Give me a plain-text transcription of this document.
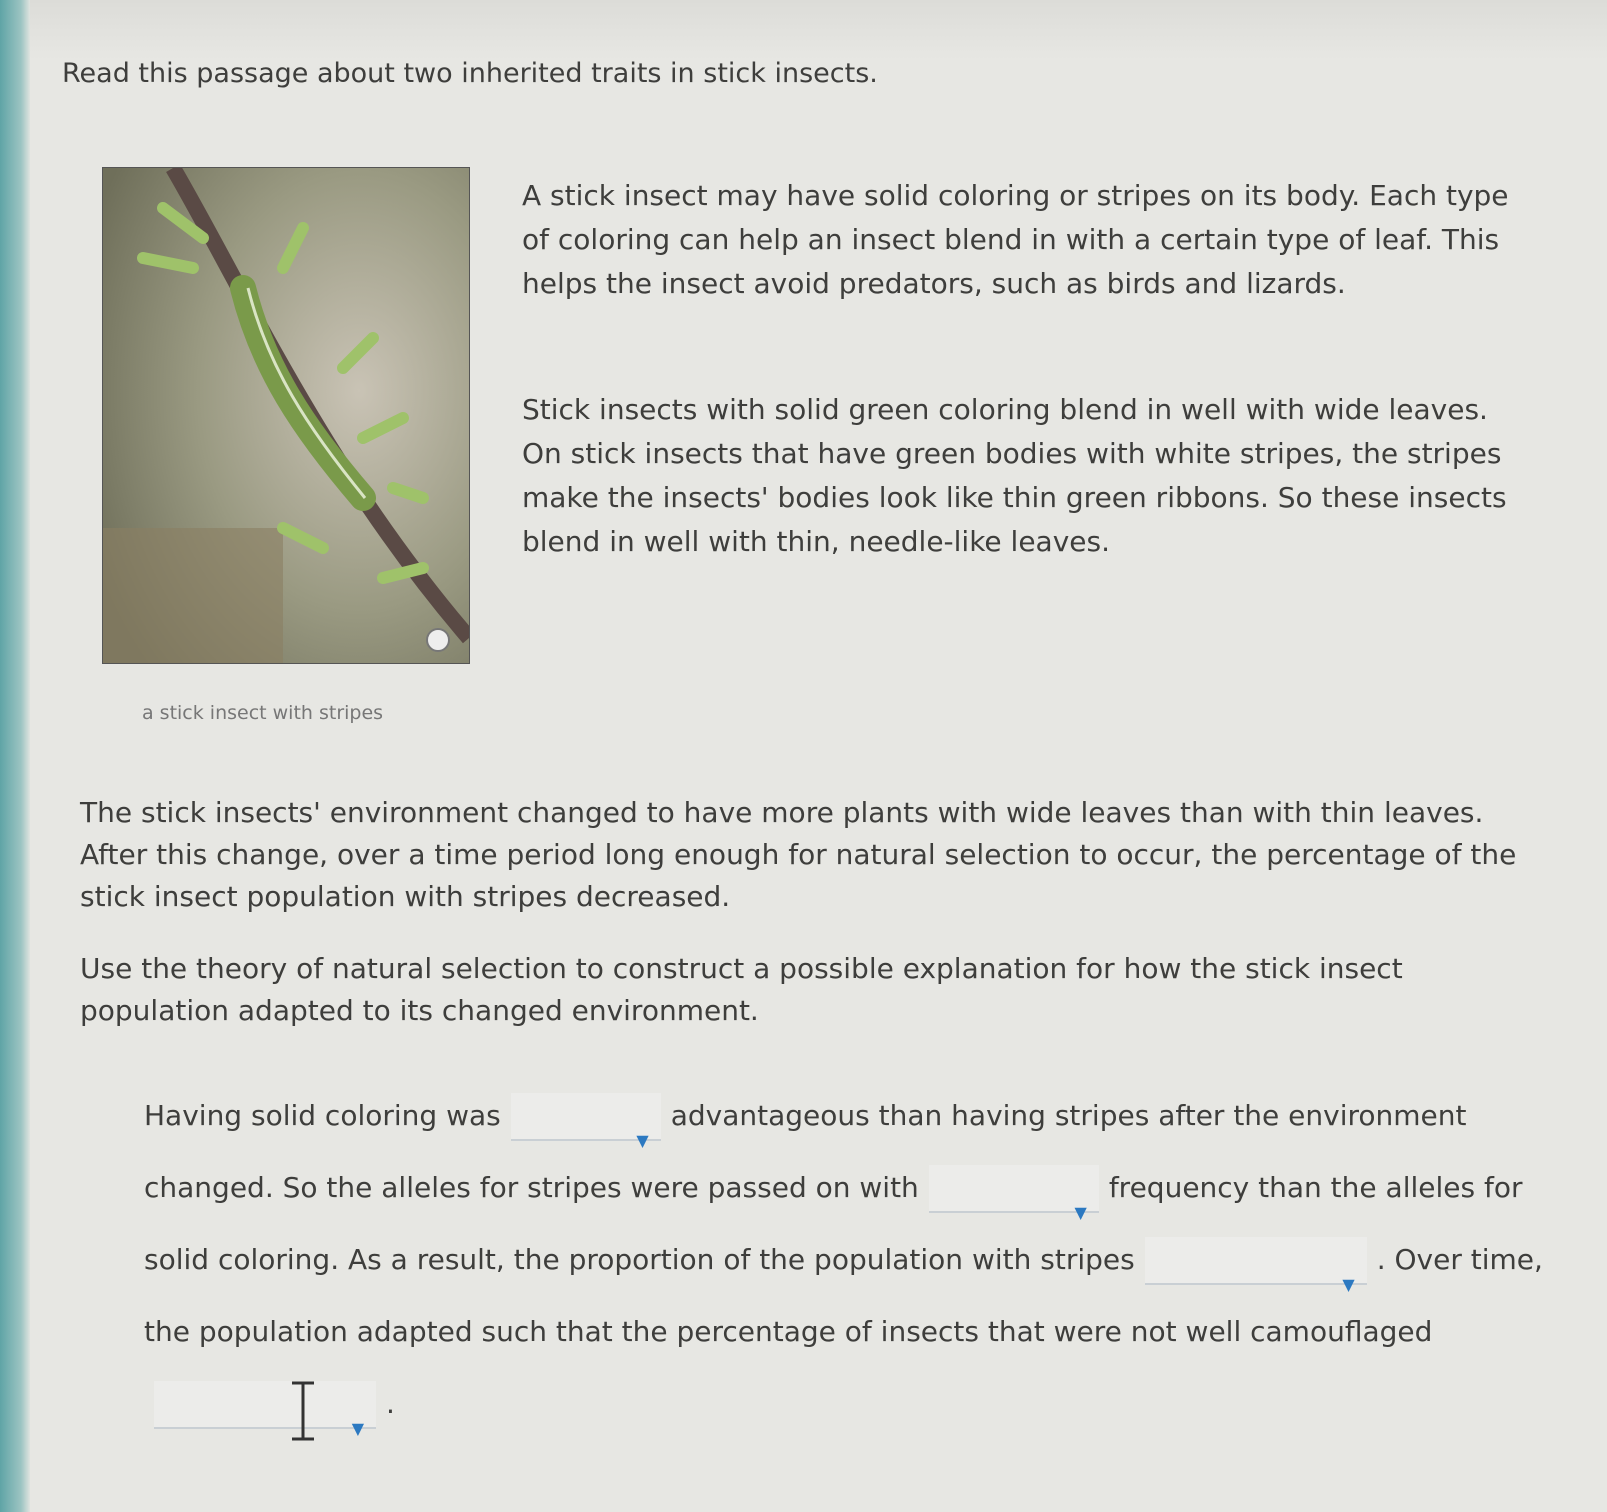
Read this passage about two inherited traits in stick insects.

a stick insect with stripes

A stick insect may have solid coloring or stripes on its body. Each type of coloring can help an insect blend in with a certain type of leaf. This helps the insect avoid predators, such as birds and lizards.

Stick insects with solid green coloring blend in well with wide leaves. On stick insects that have green bodies with white stripes, the stripes make the insects' bodies look like thin green ribbons. So these insects blend in well with thin, needle-like leaves.

The stick insects' environment changed to have more plants with wide leaves than with thin leaves. After this change, over a time period long enough for natural selection to occur, the percentage of the stick insect population with stripes decreased.

Use the theory of natural selection to construct a possible explanation for how the stick insect population adapted to its changed environment.

Having solid coloring was
▼
advantageous than having stripes after the environment changed. So the alleles for stripes were passed on with
▼
frequency than the alleles for solid coloring. As a result, the proportion of the population with stripes
▼
. Over time, the population adapted such that the percentage of insects that were not well camouflaged
▼
.
